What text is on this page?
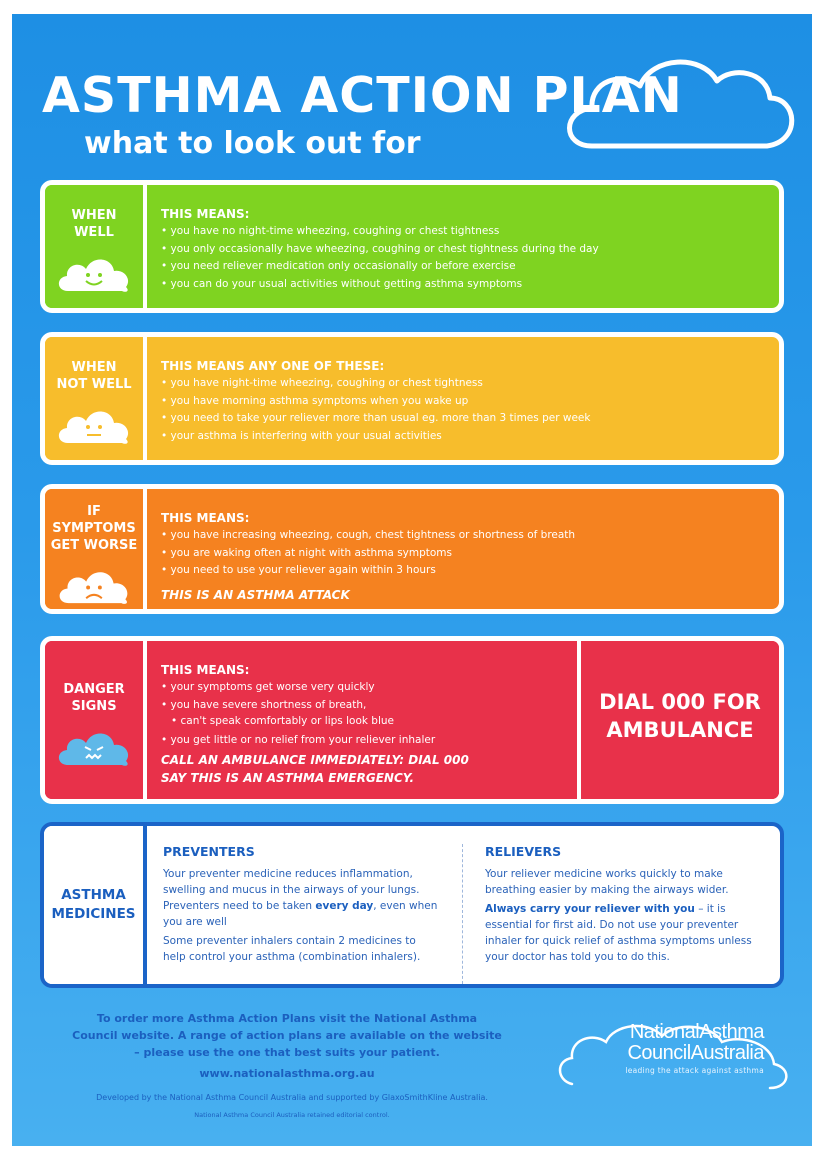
ASTHMA ACTION PLAN
what to look out for
WHEN
WELL
THIS MEANS:
• you have no night-time wheezing, coughing or chest tightness
• you only occasionally have wheezing, coughing or chest tightness during the day
• you need reliever medication only occasionally or before exercise
• you can do your usual activities without getting asthma symptoms
WHEN
NOT WELL
THIS MEANS ANY ONE OF THESE:
• you have night-time wheezing, coughing or chest tightness
• you have morning asthma symptoms when you wake up
• you need to take your reliever more than usual eg. more than 3 times per week
• your asthma is interfering with your usual activities
IF
SYMPTOMS
GET WORSE
THIS MEANS:
• you have increasing wheezing, cough, chest tightness or shortness of breath
• you are waking often at night with asthma symptoms
• you need to use your reliever again within 3 hours
THIS IS AN ASTHMA ATTACK
DANGER
SIGNS
THIS MEANS:
• your symptoms get worse very quickly
• you have severe shortness of breath,
• can't speak comfortably or lips look blue
• you get little or no relief from your reliever inhaler
CALL AN AMBULANCE IMMEDIATELY: DIAL 000
SAY THIS IS AN ASTHMA EMERGENCY.
DIAL 000 FOR
AMBULANCE
ASTHMA
MEDICINES
PREVENTERS

Your preventer medicine reduces inflammation, swelling and mucus in the airways of your lungs. Preventers need to be taken every day, even when you are well

Some preventer inhalers contain 2 medicines to help control your asthma (combination inhalers).

RELIEVERS

Your reliever medicine works quickly to make breathing easier by making the airways wider.

Always carry your reliever with you – it is essential for first aid. Do not use your preventer inhaler for quick relief of asthma symptoms unless your doctor has told you to do this.

To order more Asthma Action Plans visit the National Asthma
Council website. A range of action plans are available on the website
– please use the one that best suits your patient.
www.nationalasthma.org.au
Developed by the National Asthma Council Australia and supported by GlaxoSmithKline Australia.
National Asthma Council Australia retained editorial control.
NationalAsthma
CouncilAustralia
leading the attack against asthma
